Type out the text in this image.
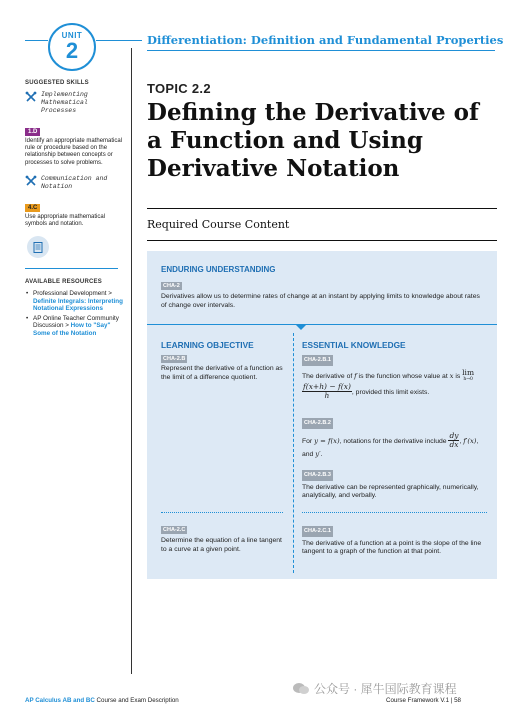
UNIT
2	Differentiation: Definition and Fundamental Properties
SUGGESTED SKILLS
Implementing Mathematical Processes
1.D
Identify an appropriate mathematical rule or procedure based on the relationship between concepts or processes to solve problems.
Communication and Notation
4.C
Use appropriate mathematical symbols and notation.
AVAILABLE RESOURCES
• Professional Development > Definite Integrals: Interpreting Notational Expressions
• AP Online Teacher Community Discussion > How to "Say" Some of the Notation
TOPIC 2.2
Defining the Derivative of a Function and Using Derivative Notation
Required Course Content
ENDURING UNDERSTANDING
CHA-2
Derivatives allow us to determine rates of change at an instant by applying limits to knowledge about rates of change over intervals.
LEARNING OBJECTIVE	ESSENTIAL KNOWLEDGE
CHA-2.B
Represent the derivative of a function as the limit of a difference quotient.
CHA-2.B.1
The derivative of f is the function whose value at x is lim
h→0

$\frac{f(x+h) - f(x)}{h}$ , provided this limit exists.
CHA-2.B.2
For y = f(x), notations for the derivative include $\frac{dy}{dx}$ , f′(x), and y′.
CHA-2.B.3
The derivative can be represented graphically, numerically, analytically, and verbally.
CHA-2.C
Determine the equation of a line tangent to a curve at a given point.
CHA-2.C.1
The derivative of a function at a point is the slope of the line tangent to a graph of the function at that point.
公众号 · 犀牛国际教育课程
AP Calculus AB and BC Course and Exam Description	Course Framework V.1 | 58
